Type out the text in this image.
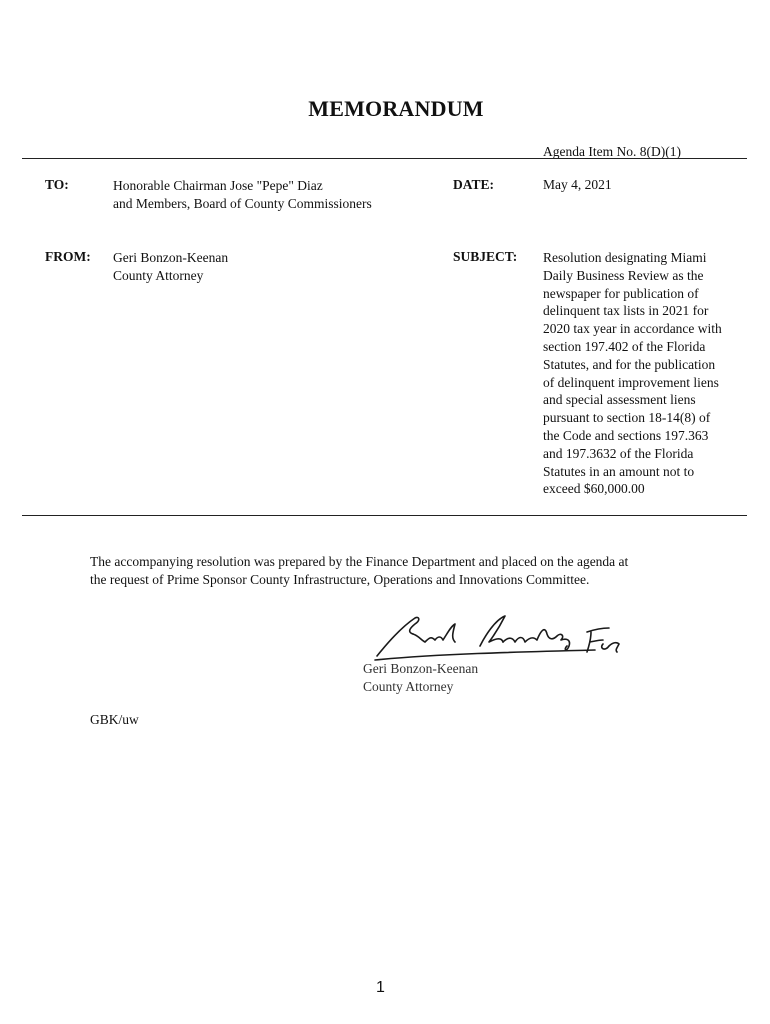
MEMORANDUM
Agenda Item No. 8(D)(1)
TO:	Honorable Chairman Jose "Pepe" Diaz
and Members, Board of County Commissioners
DATE:	May 4, 2021
FROM: Geri Bonzon-Keenan
County Attorney
SUBJECT: Resolution designating Miami
Daily Business Review as the
newspaper for publication of
delinquent tax lists in 2021 for
2020 tax year in accordance with
section 197.402 of the Florida
Statutes, and for the publication
of delinquent improvement liens
and special assessment liens
pursuant to section 18-14(8) of
the Code and sections 197.363
and 197.3632 of the Florida
Statutes in an amount not to
exceed $60,000.00
The accompanying resolution was prepared by the Finance Department and placed on the agenda at
the request of Prime Sponsor County Infrastructure, Operations and Innovations Committee.
Geri Bonzon-Keenan
County Attorney
GBK/uw
1
